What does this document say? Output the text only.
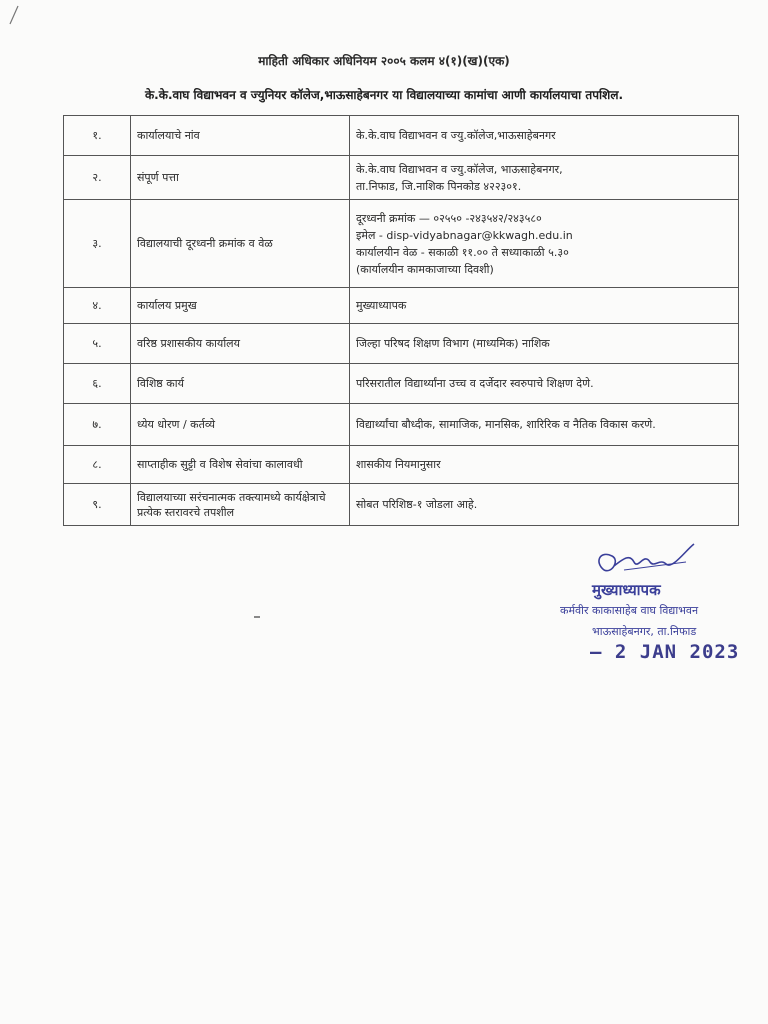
माहिती अधिकार अधिनियम २००५ कलम ४(१)(ख)(एक)
के.के.वाघ विद्याभवन व ज्युनियर कॉलेज,भाऊसाहेबनगर या विद्यालयाच्या कामांचा आणी कार्यालयाचा तपशिल.
१.	कार्यालयाचे नांव	के.के.वाघ विद्याभवन व ज्यु.कॉलेज,भाऊसाहेबनगर

२.	संपूर्ण पत्ता	के.के.वाघ विद्याभवन व ज्यु.कॉलेज, भाऊसाहेबनगर,
ता.निफाड, जि.नाशिक पिनकोड ४२२३०१.

३.	विद्यालयाची दूरध्वनी क्रमांक व वेळ	दूरध्वनी क्रमांक — ०२५५० -२४३५४२/२४३५८०
इमेल - disp-vidyabnagar@kkwagh.edu.in
कार्यालयीन वेळ - सकाळी ११.०० ते सध्याकाळी ५.३०
(कार्यालयीन कामकाजाच्या दिवशी)

४.	कार्यालय प्रमुख	मुख्याध्यापक

५.	वरिष्ठ प्रशासकीय कार्यालय	जिल्हा परिषद शिक्षण विभाग (माध्यमिक) नाशिक

६.	विशिष्ठ कार्य	परिसरातील विद्यार्थ्यांना उच्च व दर्जेदार स्वरुपाचे शिक्षण देणे.

७.	ध्येय धोरण / कर्तव्ये	विद्यार्थ्यांचा बौध्दीक, सामाजिक, मानसिक, शारिरिक व नैतिक विकास करणे.

८.	साप्ताहीक सुट्टी व विशेष सेवांचा कालावधी	शासकीय नियमानुसार

९.	विद्यालयाच्या सरंचनात्मक तक्त्यामध्ये कार्यक्षेत्राचे प्रत्येक स्तरावरचे तपशील	सोबत परिशिष्ठ-१ जोडला आहे.
मुख्याध्यापक
कर्मवीर काकासाहेब वाघ विद्याभवन
भाऊसाहेबनगर, ता.निफाड
— 2 JAN 2023
